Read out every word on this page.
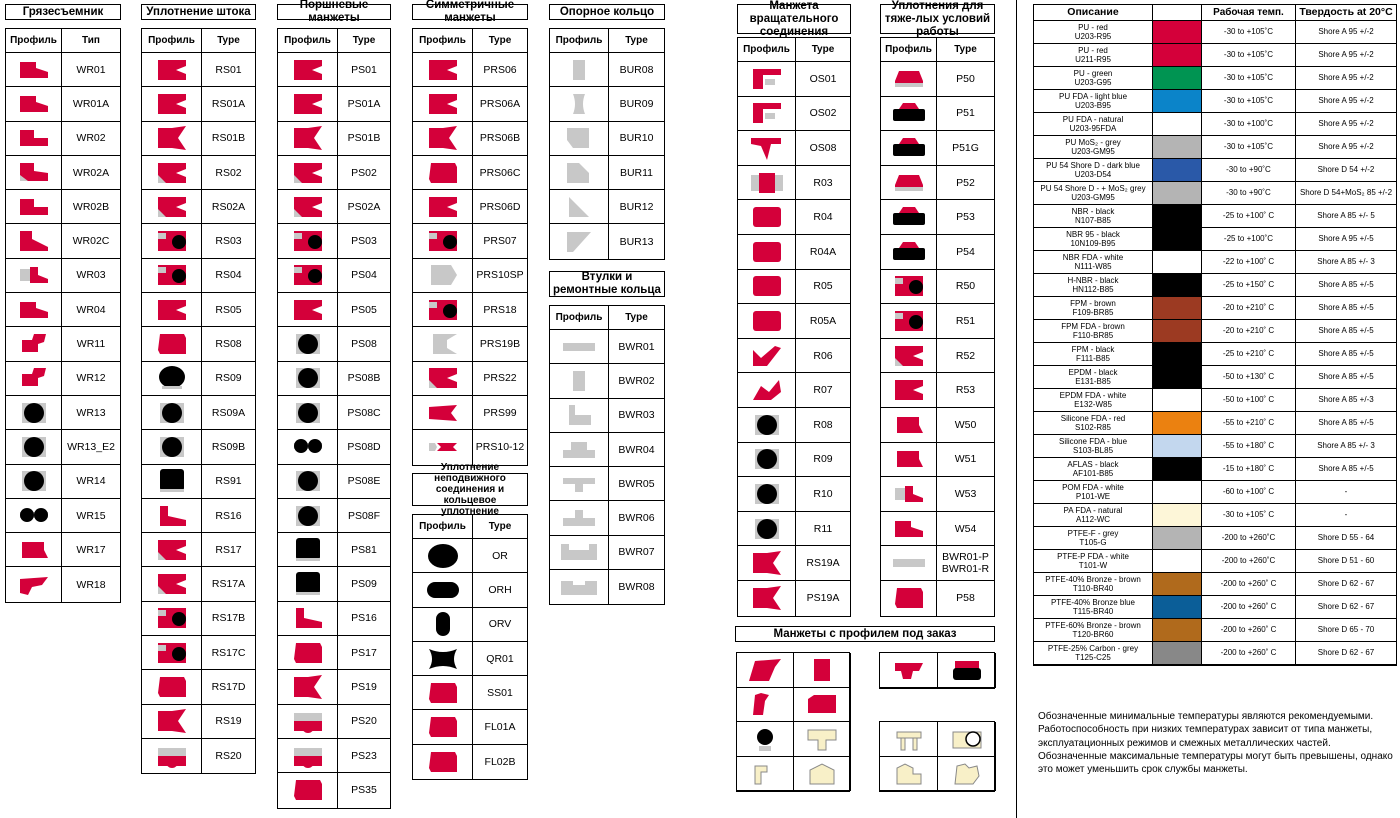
Грязесъемник
Профиль	Тип
WR01
WR01A
WR02
WR02A
WR02B
WR02C
WR03
WR04
WR11
WR12
WR13
WR13_E2
WR14
WR15
WR17
WR18
Уплотнение штока
Профиль	Type
RS01
RS01A
RS01B
RS02
RS02A
RS03
RS04
RS05
RS08
RS09
RS09A
RS09B
RS91
RS16
RS17
RS17A
RS17B
RS17C
RS17D
RS19
RS20
Поршневые манжеты
Профиль	Type
PS01
PS01A
PS01B
PS02
PS02A
PS03
PS04
PS05
PS08
PS08B
PS08C
PS08D
PS08E
PS08F
PS81
PS09
PS16
PS17
PS19
PS20
PS23
PS35
Симметричные манжеты
Профиль	Type
PRS06
PRS06A
PRS06B
PRS06C
PRS06D
PRS07
PRS10SP
PRS18
PRS19B
PRS22
PRS99
PRS10-12
Уплотнение неподвижного соединения и кольцевое уплотнение
Профиль	Type
OR
ORH
ORV
QR01
SS01
FL01A
FL02B
Опорное кольцо
Профиль	Type
BUR08
BUR09
BUR10
BUR11
BUR12
BUR13
Втулки и ремонтные кольца
Профиль	Type
BWR01
BWR02
BWR03
BWR04
BWR05
BWR06
BWR07
BWR08
Манжета вращательного соединения
Профиль	Type
OS01
OS02
OS08
R03
R04
R04A
R05
R05A
R06
R07
R08
R09
R10
R11
RS19A
PS19A
Уплотнения для тяже-лых условий работы
Профиль	Type
P50
P51
P51G
P52
P53
P54
R50
R51
R52
R53
W50
W51
W53
W54
BWR01-P BWR01-R
P58
Манжеты с профилем под заказ
Описание	Рабочая темп.	Твердость at 20°C
PU - red
U203-R95
-30 to +105˚C	Shore A 95 +/-2
PU - red
U211-R95
-30 to +105˚C	Shore A 95 +/-2
PU - green
U203-G95
-30 to +105˚C	Shore A 95 +/-2
PU FDA - light blue
U203-B95
-30 to +105˚C	Shore A 95 +/-2
PU FDA - natural
U203-95FDA
-30 to +100˚C	Shore A 95 +/-2
PU MoS₂ - grey
U203-GM95
-30 to +105˚C	Shore A 95 +/-2
PU 54 Shore D - dark blue
U203-D54
-30 to +90˚C	Shore D 54 +/-2
PU 54 Shore D - + MoS₂ grey
U203-GM95
-30 to +90˚C	Shore D 54+MoS₂ 85 +/-2
NBR - black
N107-B85
-25 to +100˚ C	Shore A 85 +/- 5
NBR 95 - black
10N109-B95
-25 to +100˚C	Shore A 95 +/-5
NBR FDA - white
N111-W85
-22 to +100˚ C	Shore A 85 +/- 3
H-NBR - black
HN112-B85
-25 to +150˚ C	Shore A 85 +/-5
FPM - brown
F109-BR85
-20 to +210˚ C	Shore A 85 +/-5
FPM FDA - brown
F110-BR85
-20 to +210˚ C	Shore A 85 +/-5
FPM - black
F111-B85
-25 to +210˚ C	Shore A 85 +/-5
EPDM - black
E131-B85
-50 to +130˚ C	Shore A 85 +/-5
EPDM FDA - white
E132-W85
-50 to +100˚ C	Shore A 85 +/-3
Silicone FDA - red
S102-R85
-55 to +210˚ C	Shore A 85 +/-5
Silicone FDA - blue
S103-BL85
-55 to +180˚ C	Shore A 85 +/- 3
AFLAS - black
AF101-B85
-15 to +180˚ C	Shore A 85 +/-5
POM FDA - white
P101-WE
-60 to +100˚ C	-
PA FDA - natural
A112-WC
-30 to +105˚ C	-
PTFE-F - grey
T105-G
-200 to +260˚C	Shore D 55 - 64
PTFE-P FDA - white
T101-W
-200 to +260˚C	Shore D 51 - 60
PTFE-40% Bronze - brown
T110-BR40
-200 to +260˚ C	Shore D 62 - 67
PTFE-40% Bronze blue
T115-BR40
-200 to +260˚ C	Shore D 62 - 67
PTFE-60% Bronze - brown
T120-BR60
-200 to +260˚ C	Shore D 65 - 70
PTFE-25% Carbon - grey
T125-C25
-200 to +260˚ C	Shore D 62 - 67
Обозначенные минимальные температуры являются рекомендуемыми. Работоспособность при низких температурах зависит от типа манжеты, эксплуатационных режимов и смежных металлических частей. Обозначенные максимальные температуры могут быть превышены, однако это может уменьшить срок службы манжеты.
